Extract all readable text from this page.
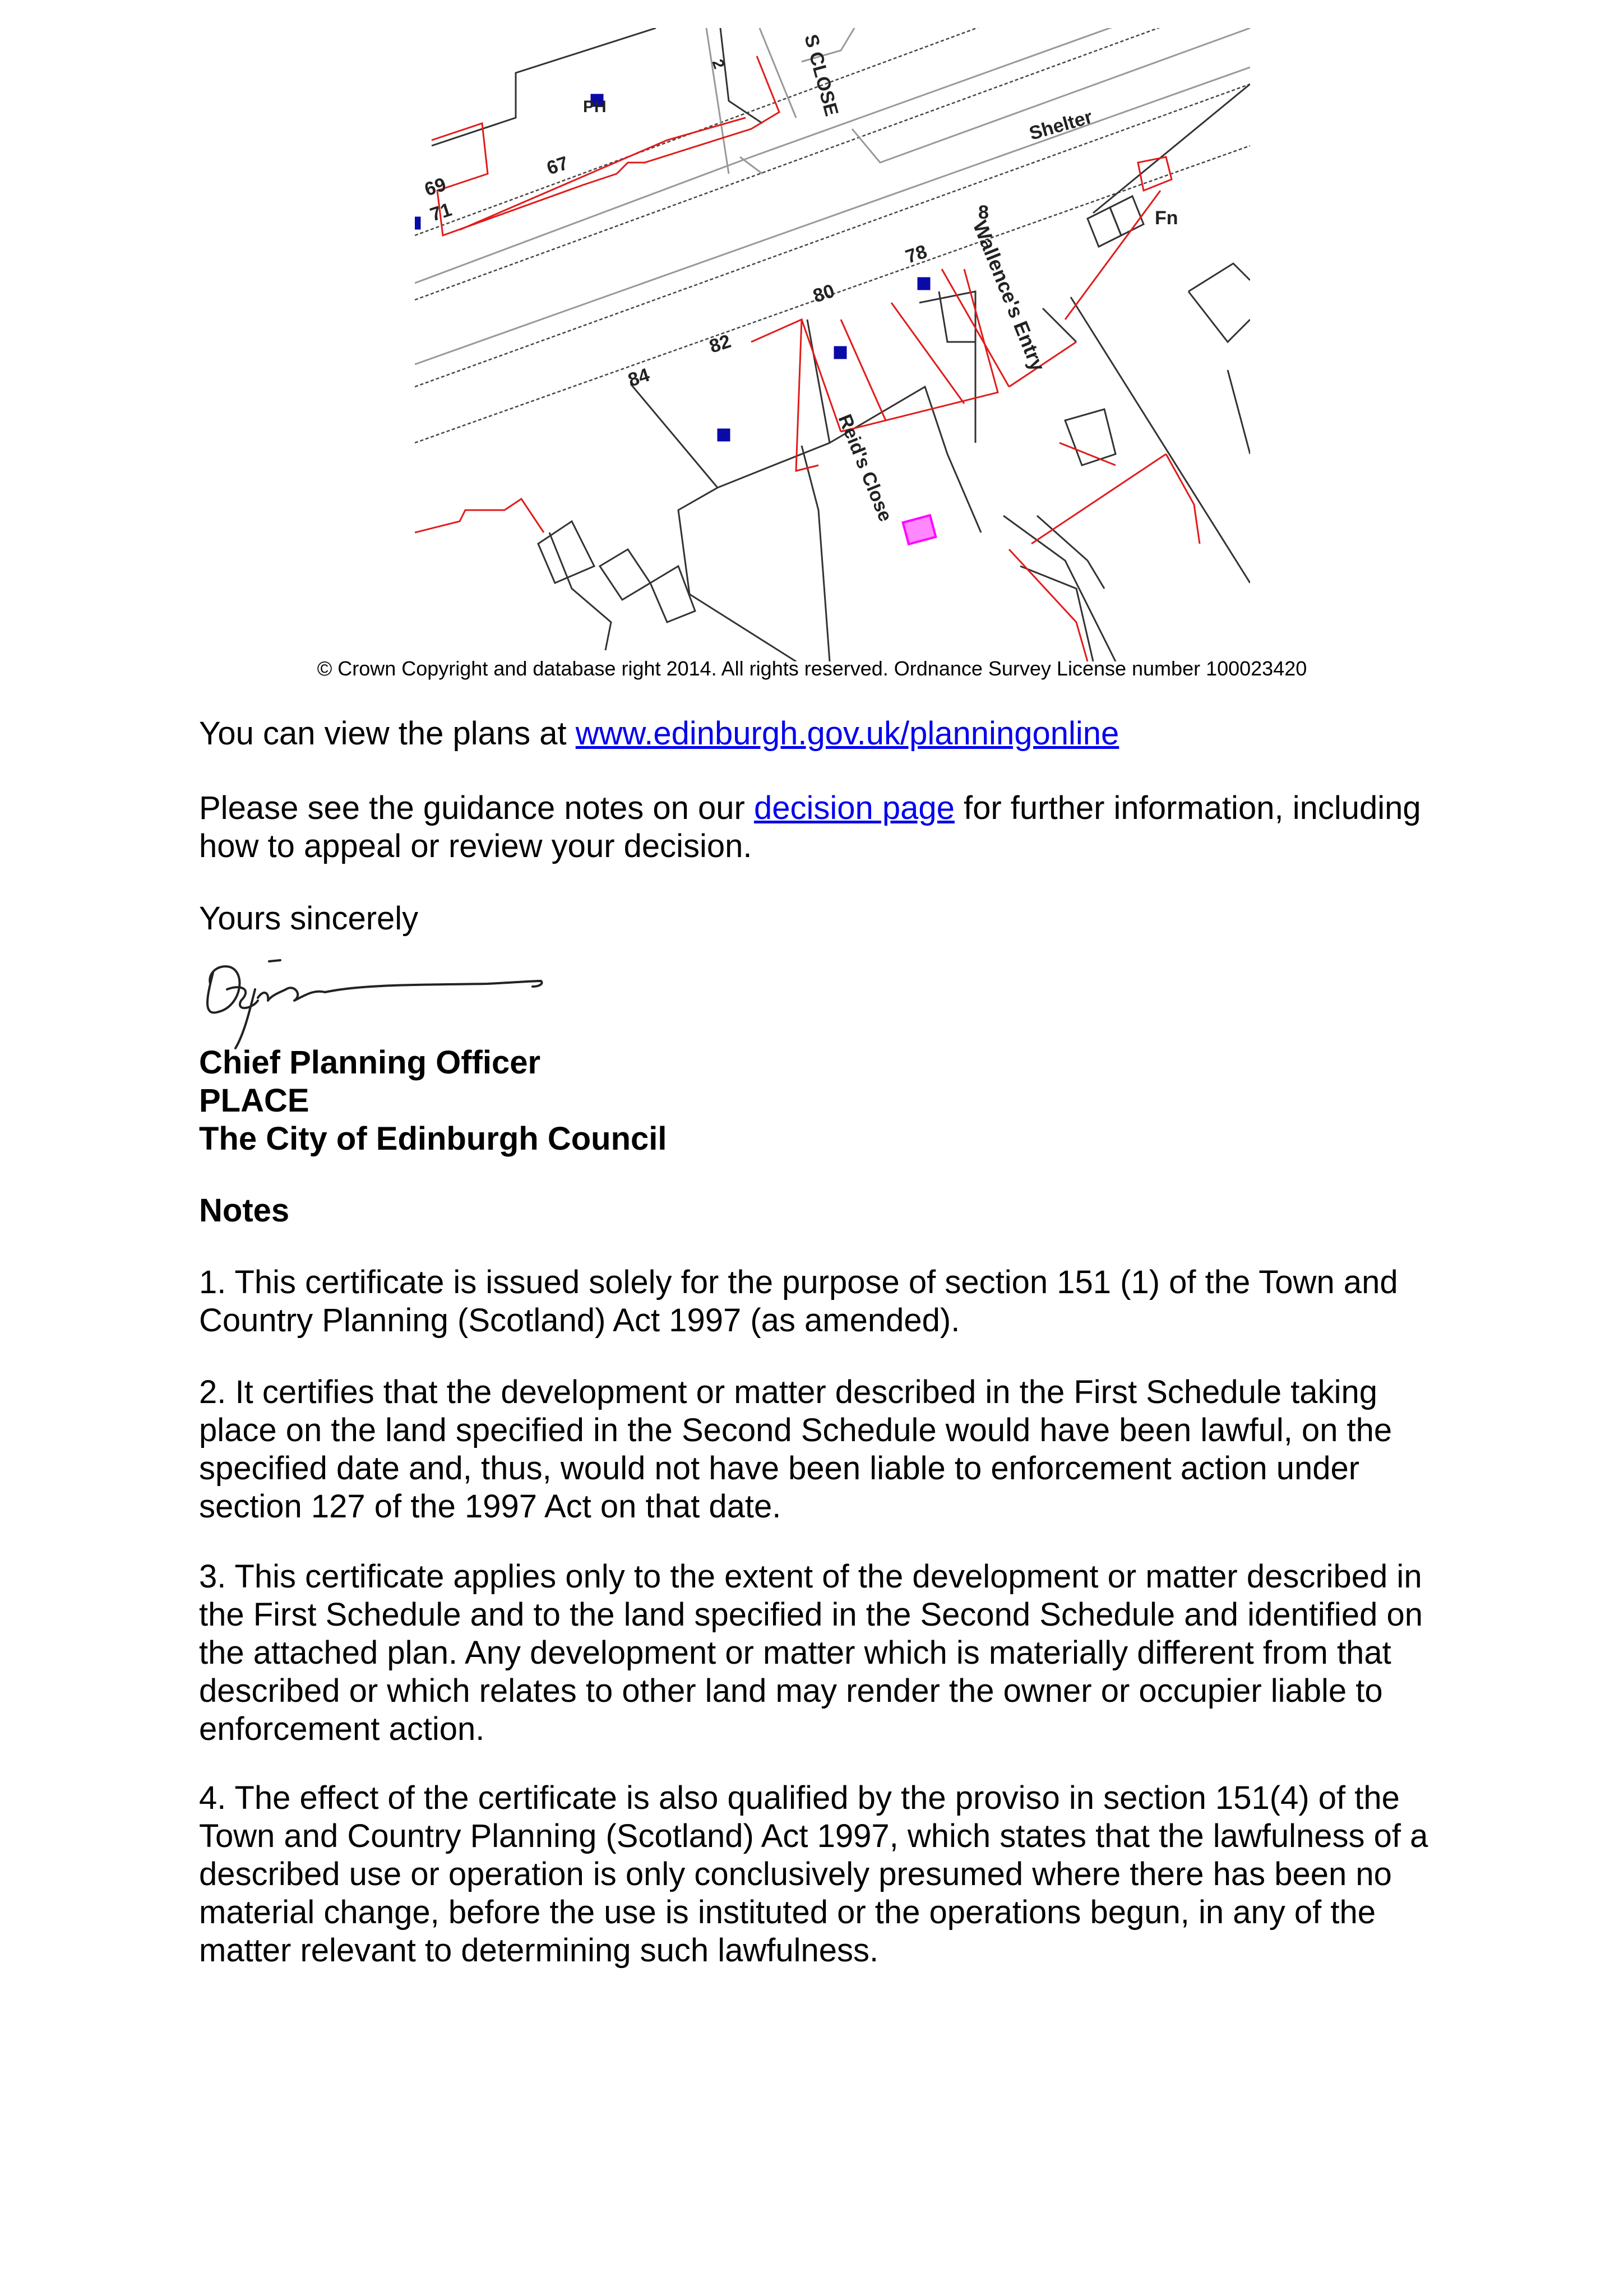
PH
67
69
71
2	S CLOSE
Shelter
Fn
78
80
82
84
8
Wallence's Entry
Reid's Close
© Crown Copyright and database right 2014. All rights reserved. Ordnance Survey License number 100023420

You can view the plans at www.edinburgh.gov.uk/planningonline

Please see the guidance notes on our decision page for further information, including

how to appeal or review your decision.

Yours sincerely

Chief Planning Officer

PLACE

The City of Edinburgh Council

Notes

1. This certificate is issued solely for the purpose of section 151 (1) of the Town and

Country Planning (Scotland) Act 1997 (as amended).

2. It certifies that the development or matter described in the First Schedule taking

place on the land specified in the Second Schedule would have been lawful, on the

specified date and, thus, would not have been liable to enforcement action under

section 127 of the 1997 Act on that date.

3. This certificate applies only to the extent of the development or matter described in

the First Schedule and to the land specified in the Second Schedule and identified on

the attached plan. Any development or matter which is materially different from that

described or which relates to other land may render the owner or occupier liable to

enforcement action.

4. The effect of the certificate is also qualified by the proviso in section 151(4) of the

Town and Country Planning (Scotland) Act 1997, which states that the lawfulness of a

described use or operation is only conclusively presumed where there has been no

material change, before the use is instituted or the operations begun, in any of the

matter relevant to determining such lawfulness.
